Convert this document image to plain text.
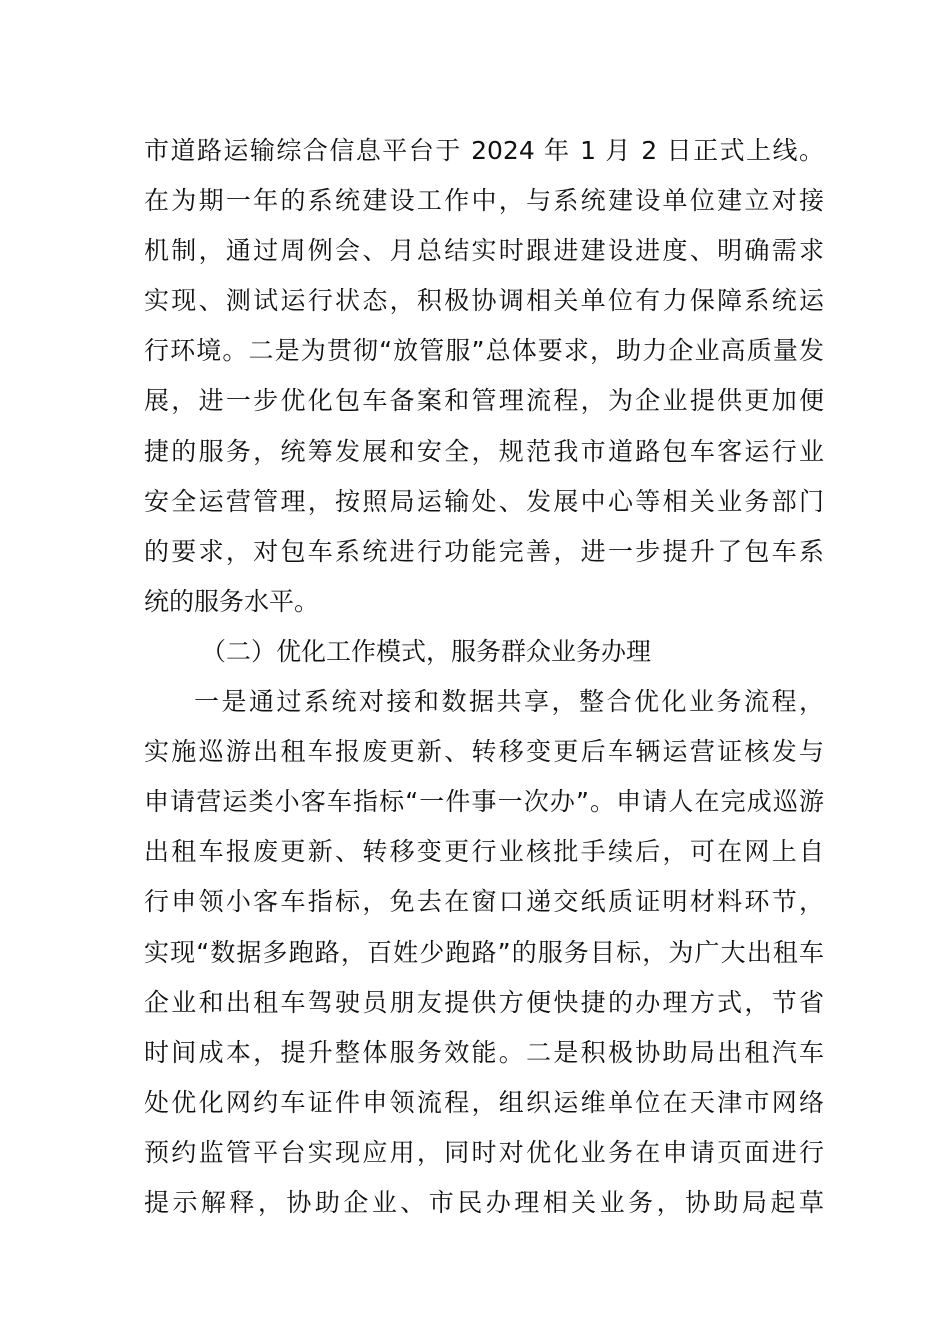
市道路运输综合信息平台于 2024 年 1 月 2 日正式上线。
在为期一年的系统建设工作中，与系统建设单位建立对接
机制，通过周例会、月总结实时跟进建设进度、明确需求
实现、测试运行状态，积极协调相关单位有力保障系统运
行环境。二是为贯彻“放管服”总体要求，助力企业高质量发
展，进一步优化包车备案和管理流程，为企业提供更加便
捷的服务，统筹发展和安全，规范我市道路包车客运行业
安全运营管理，按照局运输处、发展中心等相关业务部门
的要求，对包车系统进行功能完善，进一步提升了包车系
统的服务水平。
（二）优化工作模式，服务群众业务办理
一是通过系统对接和数据共享，整合优化业务流程，
实施巡游出租车报废更新、转移变更后车辆运营证核发与
申请营运类小客车指标“一件事一次办”。申请人在完成巡游
出租车报废更新、转移变更行业核批手续后，可在网上自
行申领小客车指标，免去在窗口递交纸质证明材料环节，
实现“数据多跑路，百姓少跑路”的服务目标，为广大出租车
企业和出租车驾驶员朋友提供方便快捷的办理方式，节省
时间成本，提升整体服务效能。二是积极协助局出租汽车
处优化网约车证件申领流程，组织运维单位在天津市网络
预约监管平台实现应用，同时对优化业务在申请页面进行
提示解释，协助企业、市民办理相关业务，协助局起草
